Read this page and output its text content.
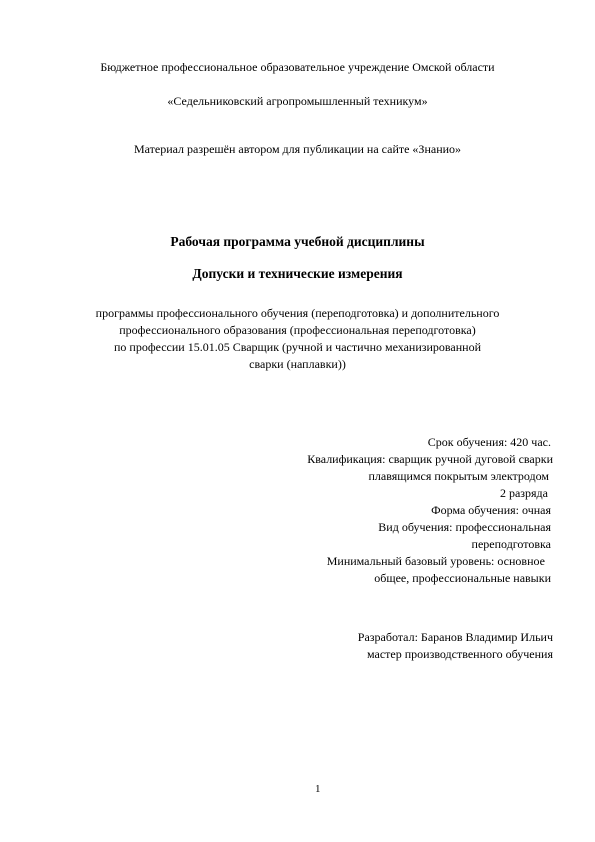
Бюджетное профессиональное образовательное учреждение Омской области
«Седельниковский агропромышленный техникум»
Материал разрешён автором для публикации на сайте «Знанио»
Рабочая программа учебной дисциплины
Допуски и технические измерения
программы профессионального обучения (переподготовка) и дополнительного
профессионального образования (профессиональная переподготовка)
по профессии 15.01.05 Сварщик (ручной и частично механизированной
сварки (наплавки))
Срок обучения: 420 час.
Квалификация: сварщик ручной дуговой сварки
плавящимся покрытым электродом
2 разряда
Форма обучения: очная
Вид обучения: профессиональная
переподготовка
Минимальный базовый уровень: основное
общее, профессиональные навыки
Разработал: Баранов Владимир Ильич
мастер производственного обучения
1
